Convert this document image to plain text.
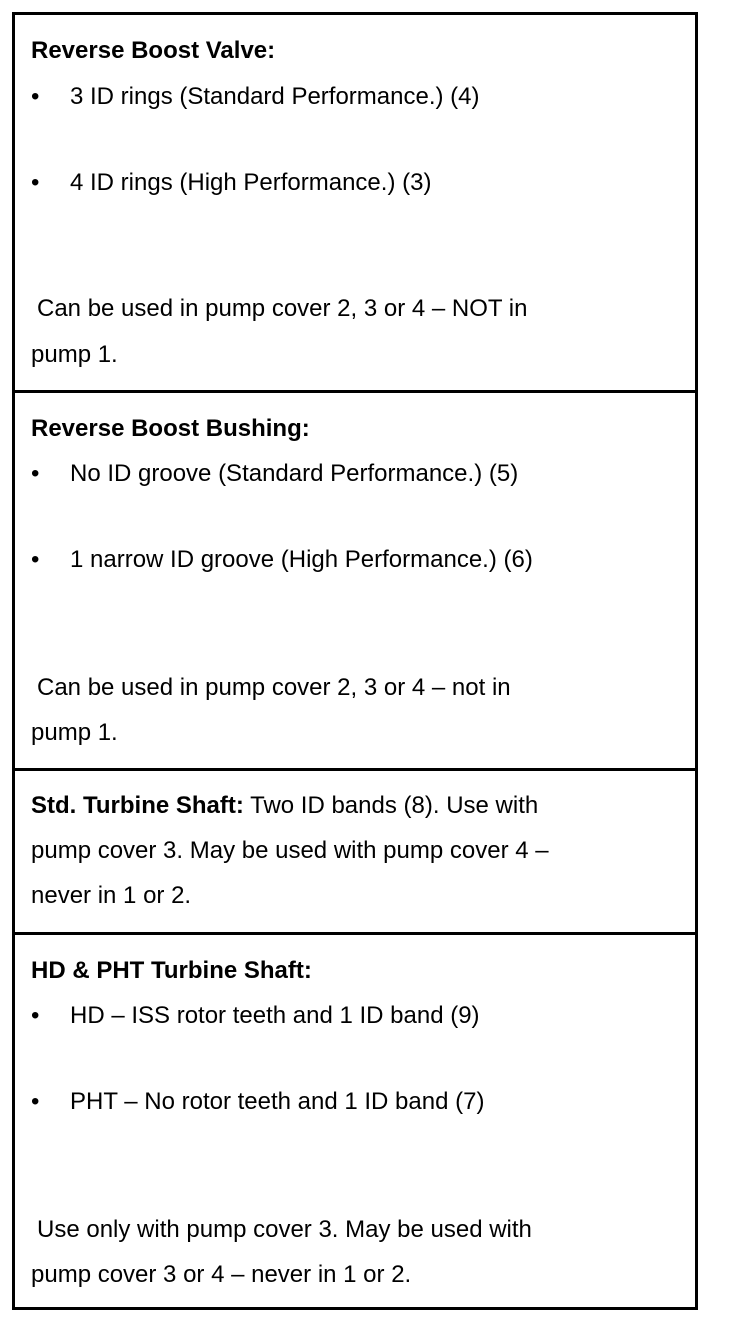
Reverse Boost Valve:
• 3 ID rings (Standard Performance.) (4)
• 4 ID rings (High Performance.) (3)
Can be used in pump cover 2, 3 or 4 – NOT in
pump 1.
Reverse Boost Bushing:
• No ID groove (Standard Performance.) (5)
• 1 narrow ID groove (High Performance.) (6)
Can be used in pump cover 2, 3 or 4 – not in
pump 1.
Std. Turbine Shaft: Two ID bands (8). Use with
pump cover 3. May be used with pump cover 4 –
never in 1 or 2.
HD & PHT Turbine Shaft:
• HD – ISS rotor teeth and 1 ID band (9)
• PHT – No rotor teeth and 1 ID band (7)
Use only with pump cover 3. May be used with
pump cover 3 or 4 – never in 1 or 2.
